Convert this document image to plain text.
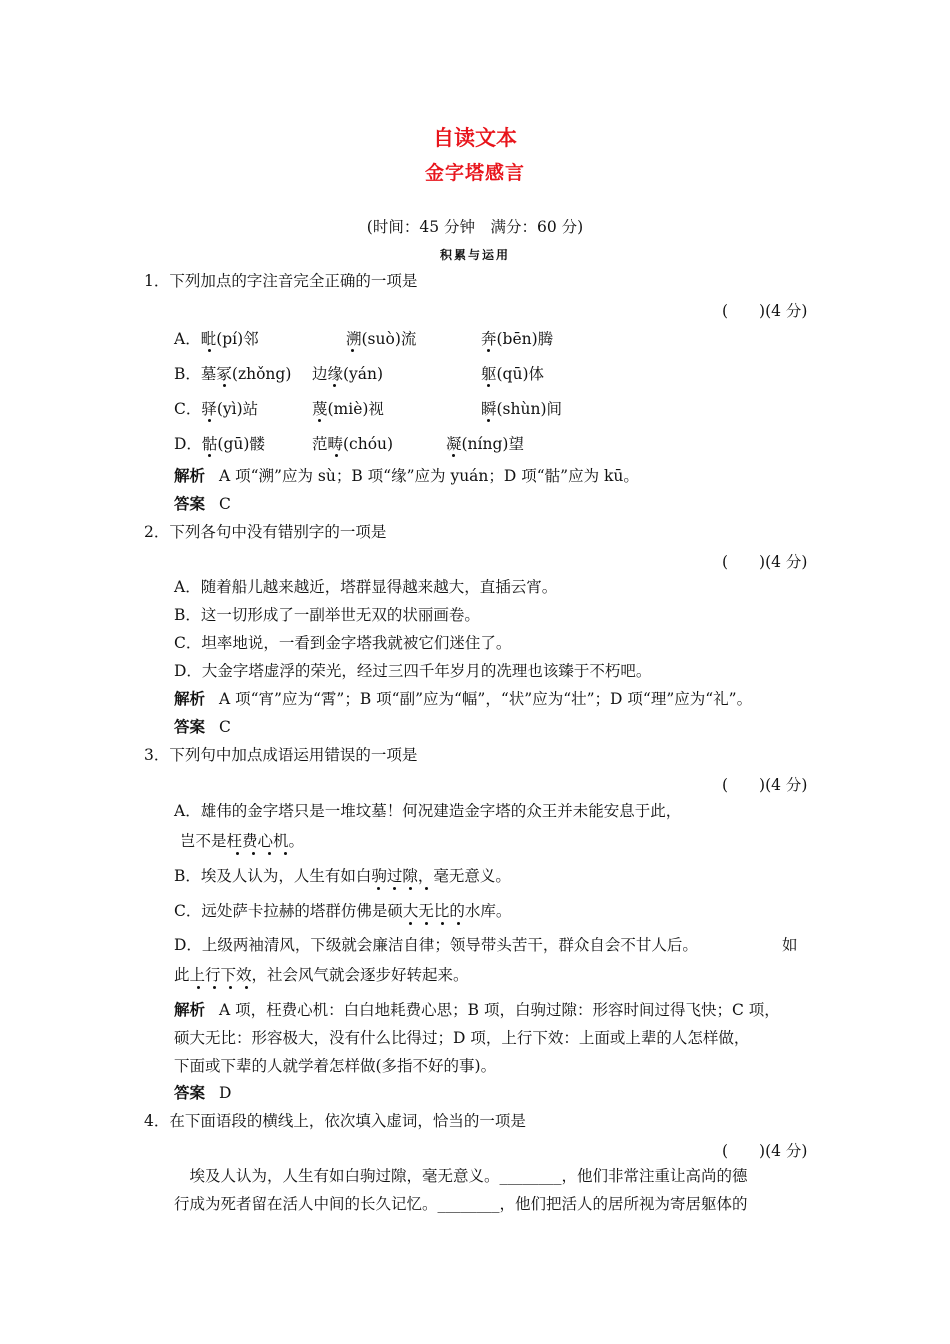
自读文本
金字塔感言
(时间：45 分钟　满分：60 分)
积累与运用
1．下列加点的字注音完全正确的一项是
(　　)(4 分)
A．毗(pí)邻	溯(suò)流	奔(bēn)腾
B．墓冢(zhǒng) 边缘(yán)	躯(qū)体
C．驿(yì)站	蔑(miè)视	瞬(shùn)间
D．骷(gū)髅	范畴(chóu)	凝(níng)望
解析 A 项“溯”应为 sù；B 项“缘”应为 yuán；D 项“骷”应为 kū。
答案 C
2．下列各句中没有错别字的一项是
(　　)(4 分)
A．随着船儿越来越近，塔群显得越来越大，直插云宵。
B．这一切形成了一副举世无双的状丽画卷。
C．坦率地说，一看到金字塔我就被它们迷住了。
D．大金字塔虚浮的荣光，经过三四千年岁月的冼理也该臻于不朽吧。
解析 A 项“宵”应为“霄”；B 项“副”应为“幅”，“状”应为“壮”；D 项“理”应为“礼”。
答案 C
3．下列句中加点成语运用错误的一项是
(　　)(4 分)
A．雄伟的金字塔只是一堆坟墓！何况建造金字塔的众王并未能安息于此，
岂不是枉费心机。
B．埃及人认为，人生有如白驹过隙，毫无意义。
C．远处萨卡拉赫的塔群仿佛是硕大无比的水库。
D．上级两袖清风，下级就会廉洁自律；领导带头苦干，群众自会不甘人后。	如
此上行下效，社会风气就会逐步好转起来。
解析 A 项，枉费心机：白白地耗费心思；B 项，白驹过隙：形容时间过得飞快；C 项，
硕大无比：形容极大，没有什么比得过；D 项，上行下效：上面或上辈的人怎样做，
下面或下辈的人就学着怎样做(多指不好的事)。
答案 D
4．在下面语段的横线上，依次填入虚词，恰当的一项是
(　　)(4 分)
　埃及人认为，人生有如白驹过隙，毫无意义。________，他们非常注重让高尚的德
行成为死者留在活人中间的长久记忆。________，他们把活人的居所视为寄居躯体的
